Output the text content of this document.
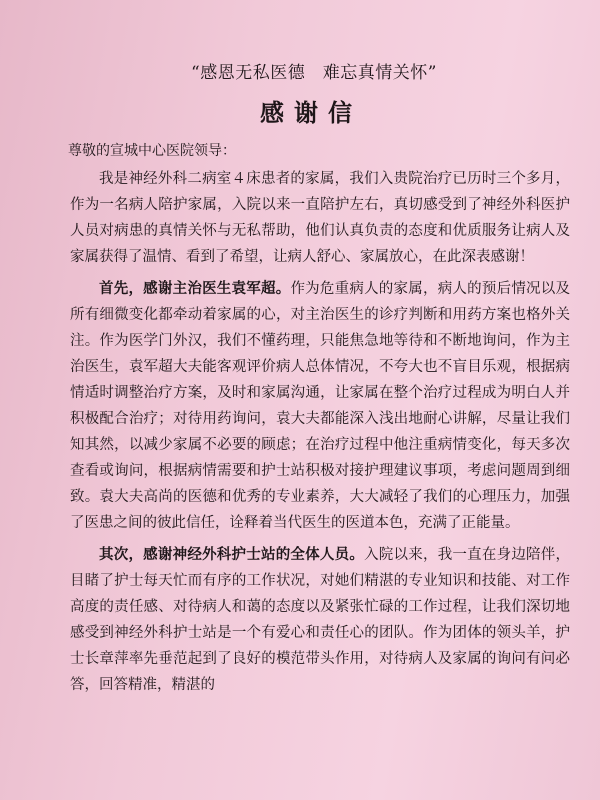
“感恩无私医德　难忘真情关怀”
感谢信
尊敬的宣城中心医院领导：

我是神经外科二病室４床患者的家属，我们入贵院治疗已历时三个多月，作为一名病人陪护家属，入院以来一直陪护左右，真切感受到了神经外科医护人员对病患的真情关怀与无私帮助，他们认真负责的态度和优质服务让病人及家属获得了温情、看到了希望，让病人舒心、家属放心，在此深表感谢！

首先，感谢主治医生袁军超。作为危重病人的家属，病人的预后情况以及所有细微变化都牵动着家属的心，对主治医生的诊疗判断和用药方案也格外关注。作为医学门外汉，我们不懂药理，只能焦急地等待和不断地询问，作为主治医生，袁军超大夫能客观评价病人总体情况，不夸大也不盲目乐观，根据病情适时调整治疗方案，及时和家属沟通，让家属在整个治疗过程成为明白人并积极配合治疗；对待用药询问，袁大夫都能深入浅出地耐心讲解，尽量让我们知其然，以减少家属不必要的顾虑；在治疗过程中他注重病情变化，每天多次查看或询问，根据病情需要和护士站积极对接护理建议事项，考虑问题周到细致。袁大夫高尚的医德和优秀的专业素养，大大减轻了我们的心理压力，加强了医患之间的彼此信任，诠释着当代医生的医道本色，充满了正能量。

其次，感谢神经外科护士站的全体人员。入院以来，我一直在身边陪伴，目睹了护士每天忙而有序的工作状况，对她们精湛的专业知识和技能、对工作高度的责任感、对待病人和蔼的态度以及紧张忙碌的工作过程，让我们深切地感受到神经外科护士站是一个有爱心和责任心的团队。作为团体的领头羊，护士长章萍率先垂范起到了良好的模范带头作用，对待病人及家属的询问有问必答，回答精准，精湛的
